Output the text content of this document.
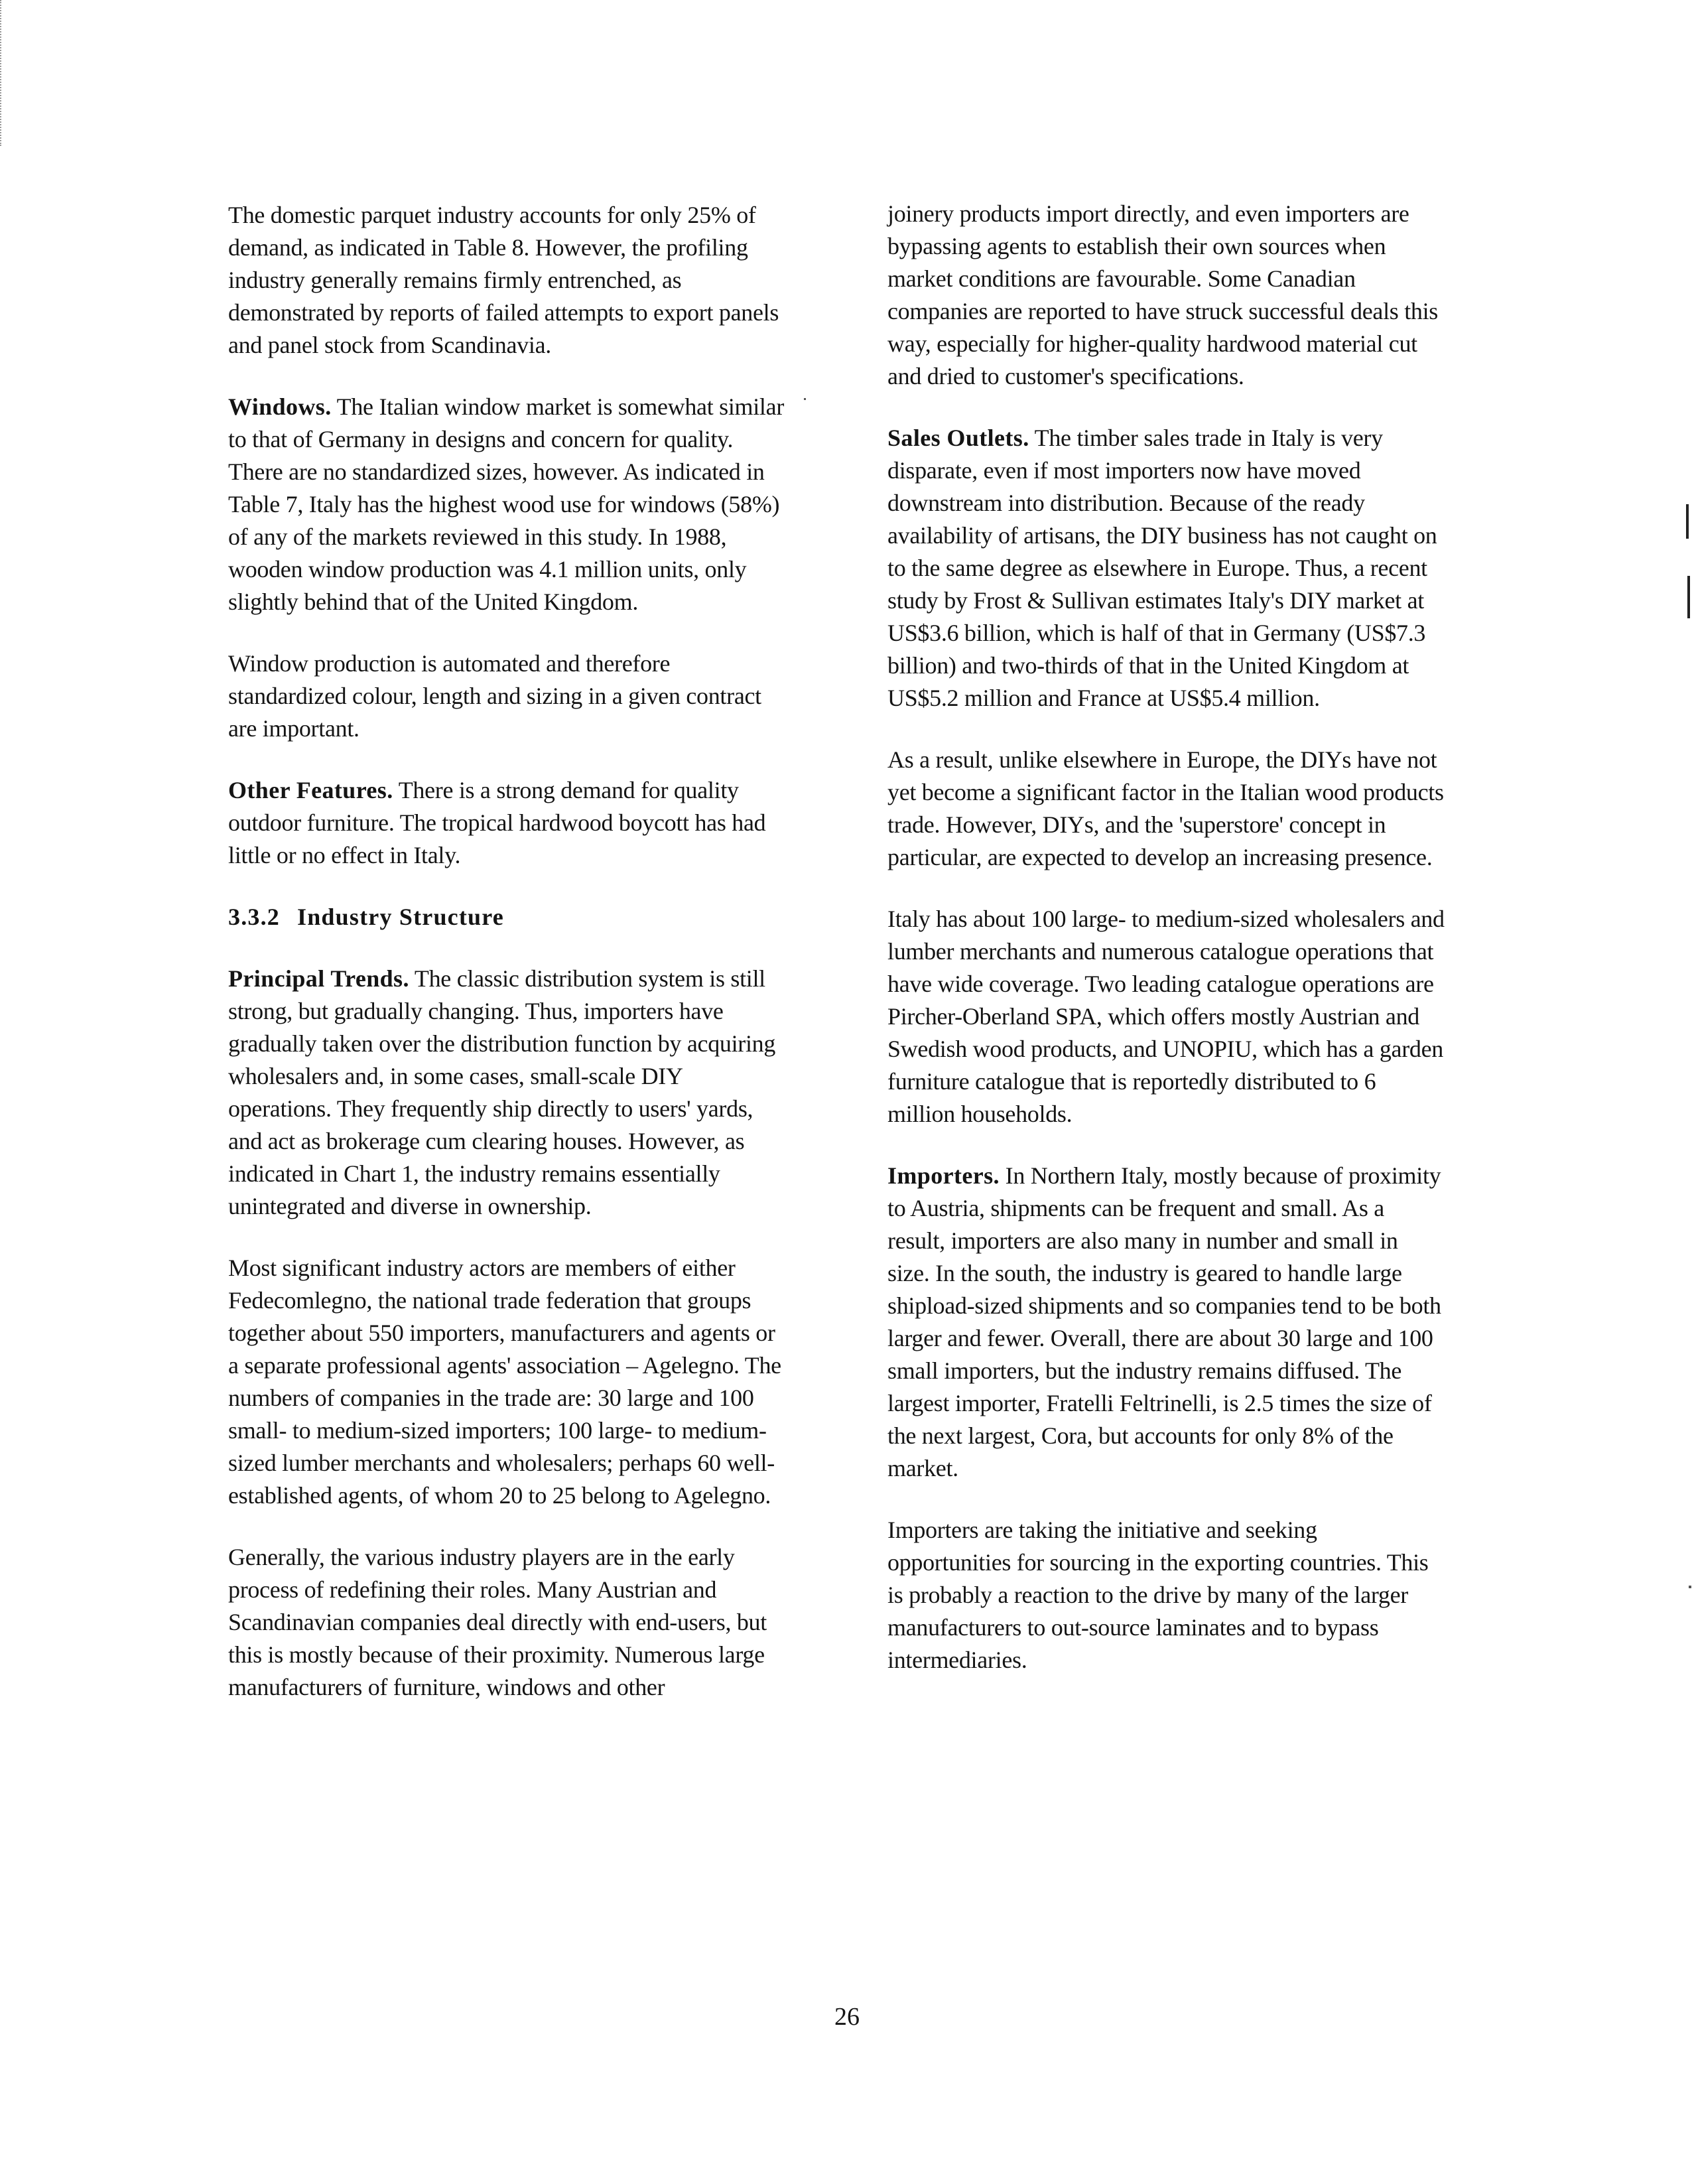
The domestic parquet industry accounts for only 25% of demand, as indicated in Table 8. However, the profiling industry generally remains firmly entrenched, as demonstrated by reports of failed attempts to export panels and panel stock from Scandinavia.

Windows. The Italian window market is somewhat similar to that of Germany in designs and concern for quality. There are no standardized sizes, however. As indicated in Table 7, Italy has the highest wood use for windows (58%) of any of the markets reviewed in this study. In 1988, wooden window production was 4.1 million units, only slightly behind that of the United Kingdom.

Window production is automated and therefore standardized colour, length and sizing in a given contract are important.

Other Features. There is a strong demand for quality outdoor furniture. The tropical hardwood boycott has had little or no effect in Italy.

3.3.2 Industry Structure

Principal Trends. The classic distribution system is still strong, but gradually changing. Thus, importers have gradually taken over the distribution function by acquiring wholesalers and, in some cases, small-scale DIY operations. They frequently ship directly to users' yards, and act as brokerage cum clearing houses. However, as indicated in Chart 1, the industry remains essentially unintegrated and diverse in ownership.

Most significant industry actors are members of either Fedecomlegno, the national trade federation that groups together about 550 importers, manufacturers and agents or a separate professional agents' association – Agelegno. The numbers of companies in the trade are: 30 large and 100 small- to medium-sized importers; 100 large- to medium-sized lumber merchants and wholesalers; perhaps 60 well-established agents, of whom 20 to 25 belong to Agelegno.

Generally, the various industry players are in the early process of redefining their roles. Many Austrian and Scandinavian companies deal directly with end-users, but this is mostly because of their proximity. Numerous large manufacturers of furniture, windows and other

joinery products import directly, and even importers are bypassing agents to establish their own sources when market conditions are favourable. Some Canadian companies are reported to have struck successful deals this way, especially for higher-quality hardwood material cut and dried to customer's specifications.

Sales Outlets. The timber sales trade in Italy is very disparate, even if most importers now have moved downstream into distribution. Because of the ready availability of artisans, the DIY business has not caught on to the same degree as elsewhere in Europe. Thus, a recent study by Frost & Sullivan estimates Italy's DIY market at US$3.6 billion, which is half of that in Germany (US$7.3 billion) and two-thirds of that in the United Kingdom at US$5.2 million and France at US$5.4 million.

As a result, unlike elsewhere in Europe, the DIYs have not yet become a significant factor in the Italian wood products trade. However, DIYs, and the 'superstore' concept in particular, are expected to develop an increasing presence.

Italy has about 100 large- to medium-sized wholesalers and lumber merchants and numerous catalogue operations that have wide coverage. Two leading catalogue operations are Pircher-Oberland SPA, which offers mostly Austrian and Swedish wood products, and UNOPIU, which has a garden furniture catalogue that is reportedly distributed to 6 million households.

Importers. In Northern Italy, mostly because of proximity to Austria, shipments can be frequent and small. As a result, importers are also many in number and small in size. In the south, the industry is geared to handle large shipload-sized shipments and so companies tend to be both larger and fewer. Overall, there are about 30 large and 100 small importers, but the industry remains diffused. The largest importer, Fratelli Feltrinelli, is 2.5 times the size of the next largest, Cora, but accounts for only 8% of the market.

Importers are taking the initiative and seeking opportunities for sourcing in the exporting countries. This is probably a reaction to the drive by many of the larger manufacturers to out-source laminates and to bypass intermediaries.

26
